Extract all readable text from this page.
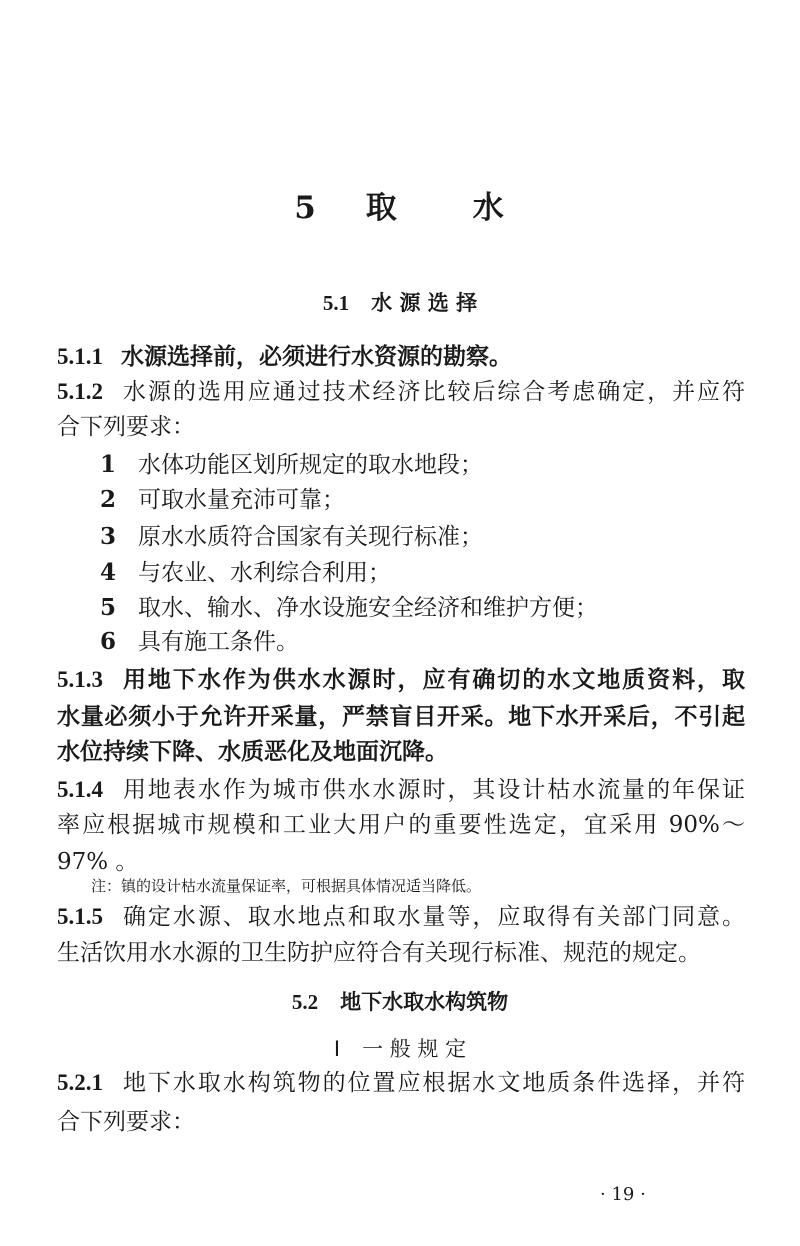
5 取 水
5.1 水 源 选 择
5.1.1 水源选择前，必须进行水资源的勘察。
5.1.2 水源的选用应通过技术经济比较后综合考虑确定，并应符
合下列要求：
1 水体功能区划所规定的取水地段；
2 可取水量充沛可靠；
3 原水水质符合国家有关现行标准；
4 与农业、水利综合利用；
5 取水、输水、净水设施安全经济和维护方便；
6 具有施工条件。
5.1.3 用地下水作为供水水源时，应有确切的水文地质资料，取
水量必须小于允许开采量，严禁盲目开采。地下水开采后，不引起
水位持续下降、水质恶化及地面沉降。
5.1.4 用地表水作为城市供水水源时，其设计枯水流量的年保证
率应根据城市规模和工业大用户的重要性选定，宜采用 90%～
97% 。
注：镇的设计枯水流量保证率，可根据具体情况适当降低。
5.1.5 确定水源、取水地点和取水量等，应取得有关部门同意。
生活饮用水水源的卫生防护应符合有关现行标准、规范的规定。
5.2 地下水取水构筑物
Ⅰ 一 般 规 定
5.2.1 地下水取水构筑物的位置应根据水文地质条件选择，并符
合下列要求：
· 19 ·
